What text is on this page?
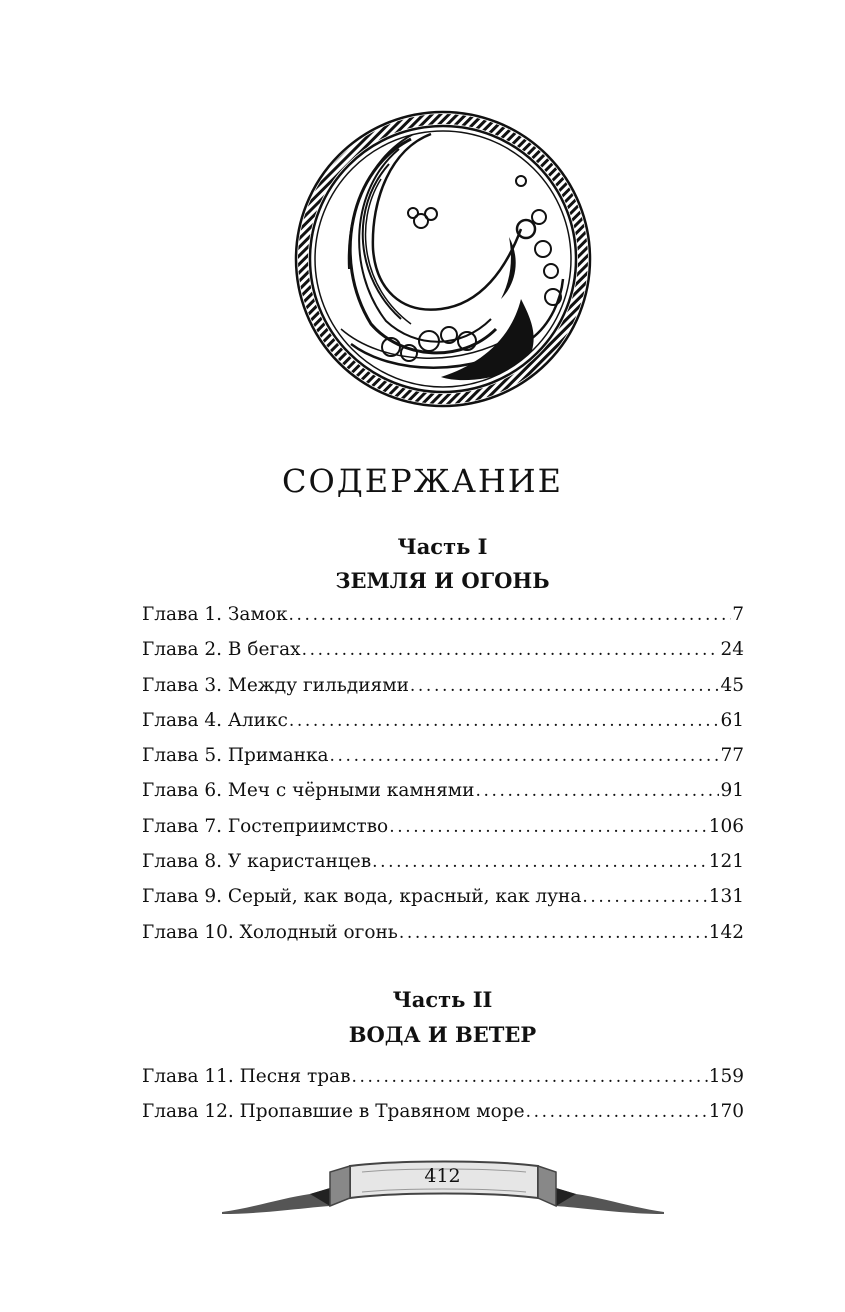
СОДЕРЖАНИЕ
Часть I
ЗЕМЛЯ И ОГОНЬ
Глава 1. Замок . . .	7
Глава 2. В бегах . . .	24
Глава 3. Между гильдиями . . .	45
Глава 4. Аликс . . .	61
Глава 5. Приманка . . .	77
Глава 6. Меч с чёрными камнями . . .	91
Глава 7. Гостеприимство . . .	106
Глава 8. У каристанцев . . .	121
Глава 9. Серый, как вода, красный, как луна . . .	131
Глава 10. Холодный огонь . . .	142
Часть II
ВОДА И ВЕТЕР
Глава 11. Песня трав . . .	159
Глава 12. Пропавшие в Травяном море . . .	170
412
